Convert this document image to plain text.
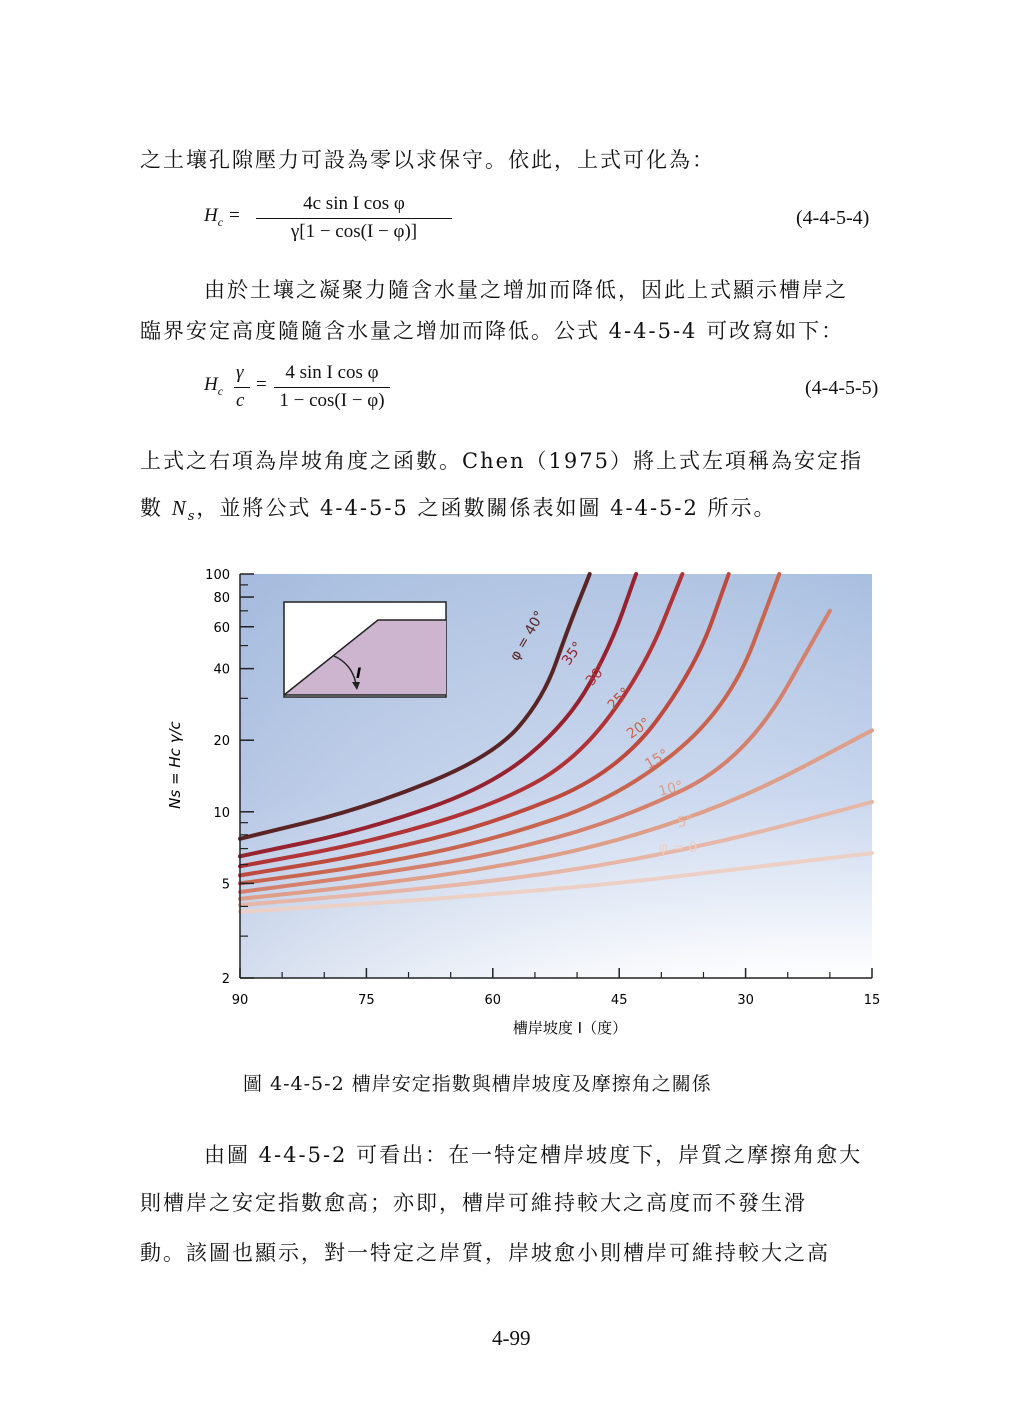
之土壤孔隙壓力可設為零以求保守。依此，上式可化為：
$H_c$ =
4c sin I cos φ
γ[1 − cos(I − φ)]
(4-4-5-4)
由於土壤之凝聚力隨含水量之增加而降低，因此上式顯示槽岸之
臨界安定高度隨隨含水量之增加而降低。公式 4-4-5-4 可改寫如下：
$H_c$
γ
c
=
4 sin I cos φ
1 − cos(I − φ)
(4-4-5-5)
上式之右項為岸坡角度之函數。Chen（1975）將上式左項稱為安定指
數 $N_s$，並將公式 4-4-5-5 之函數關係表如圖 4-4-5-2 所示。
φ = 0
5°
10°
15°
20°
25°
30°
35°
φ = 40°
I
90	75	60	45	30	15
2
5
10
20
40
60
80
100
槽岸坡度 I（度）
Ns = Hc γ/c
圖 4-4-5-2 槽岸安定指數與槽岸坡度及摩擦角之關係
由圖 4-4-5-2 可看出：在一特定槽岸坡度下，岸質之摩擦角愈大
則槽岸之安定指數愈高；亦即，槽岸可維持較大之高度而不發生滑
動。該圖也顯示，對一特定之岸質，岸坡愈小則槽岸可維持較大之高
4-99
